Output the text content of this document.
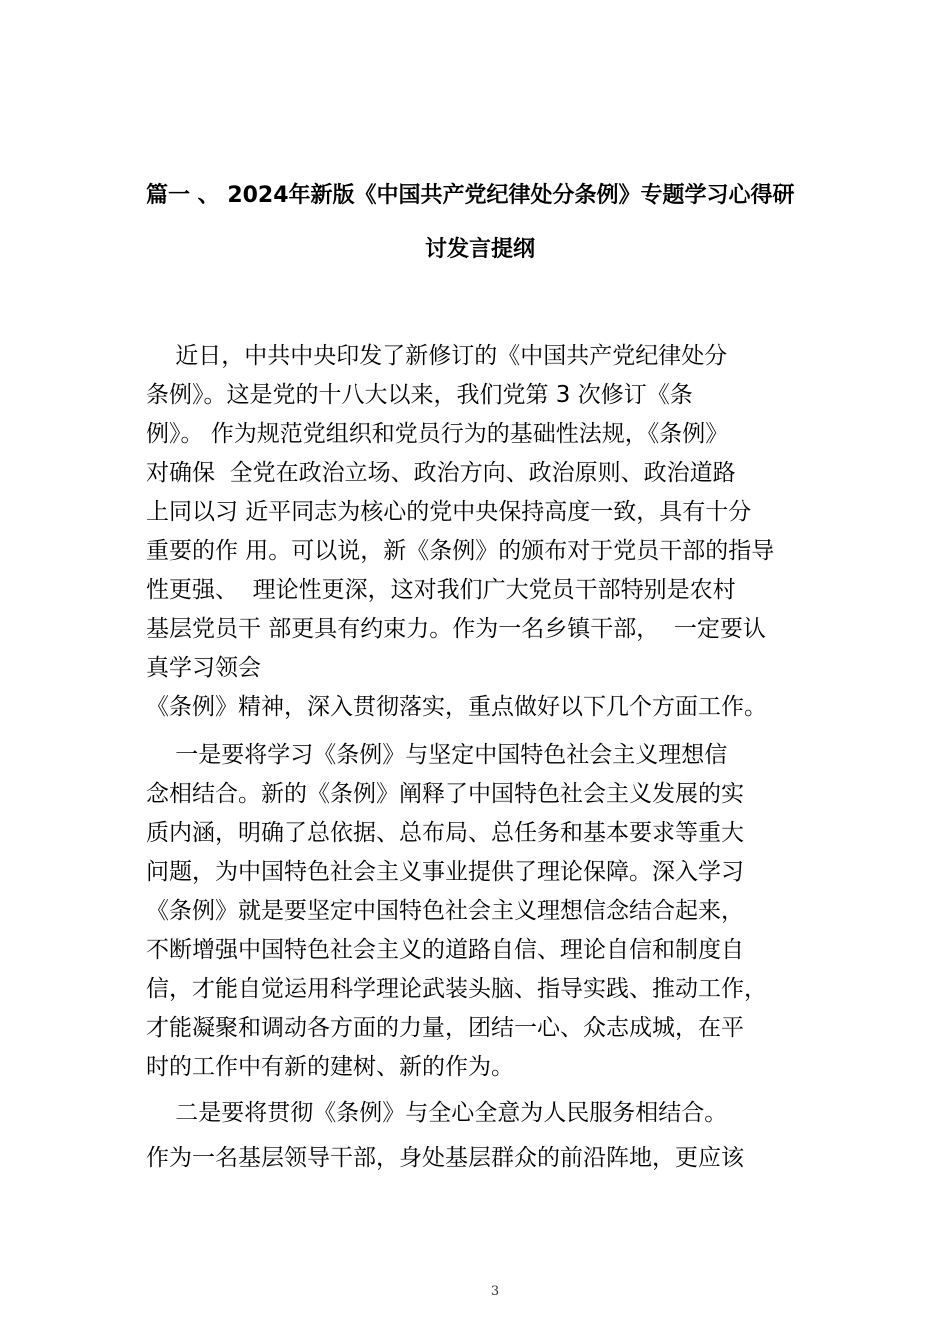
篇一 、 2024年新版《中国共产党纪律处分条例》专题学习心得研
讨发言提纲
近日，中共中央印发了新修订的《中国共产党纪律处分
条例》。这是党的十八大以来，我们党第 3 次修订《条
例》。 作为规范党组织和党员行为的基础性法规，《条例》
对确保  全党在政治立场、政治方向、政治原则、政治道路
上同以习 近平同志为核心的党中央保持高度一致，具有十分
重要的作 用。可以说，新《条例》的颁布对于党员干部的指导
性更强、  理论性更深，这对我们广大党员干部特别是农村
基层党员干 部更具有约束力。作为一名乡镇干部，  一定要认
真学习领会
《条例》精神，深入贯彻落实，重点做好以下几个方面工作。
一是要将学习《条例》与坚定中国特色社会主义理想信
念相结合。新的《条例》阐释了中国特色社会主义发展的实
质内涵，明确了总依据、总布局、总任务和基本要求等重大
问题，为中国特色社会主义事业提供了理论保障。深入学习
《条例》就是要坚定中国特色社会主义理想信念结合起来，
不断增强中国特色社会主义的道路自信、理论自信和制度自
信，才能自觉运用科学理论武装头脑、指导实践、推动工作，
才能凝聚和调动各方面的力量，团结一心、众志成城，在平
时的工作中有新的建树、新的作为。
二是要将贯彻《条例》与全心全意为人民服务相结合。
作为一名基层领导干部，身处基层群众的前沿阵地，更应该
3
